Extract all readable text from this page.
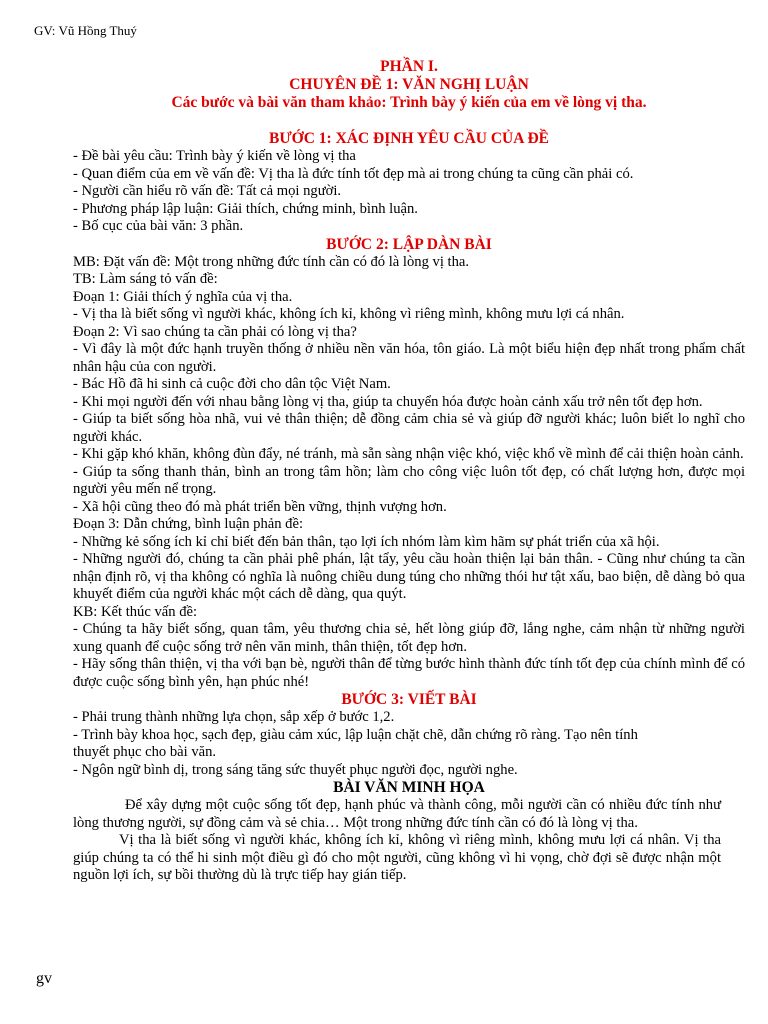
GV: Vũ Hồng Thuý
PHẦN I.
CHUYÊN ĐỀ 1: VĂN NGHỊ LUẬN
Các bước và bài văn tham khảo: Trình bày ý kiến của em về lòng vị tha.
BƯỚC 1: XÁC ĐỊNH YÊU CẦU CỦA ĐỀ

- Đề bài yêu cầu: Trình bày ý kiến về lòng vị tha

- Quan điểm của em về vấn đề: Vị tha là đức tính tốt đẹp mà ai trong chúng ta cũng cần phải có.

- Người cần hiểu rõ vấn đề: Tất cả mọi người.

- Phương pháp lập luận: Giải thích, chứng minh, bình luận.

- Bố cục của bài văn: 3 phần.

BƯỚC 2: LẬP DÀN BÀI

MB: Đặt vấn đề: Một trong những đức tính cần có đó là lòng vị tha.

TB: Làm sáng tỏ vấn đề:

Đoạn 1: Giải thích ý nghĩa của vị tha.

- Vị tha là biết sống vì người khác, không ích kỉ, không vì riêng mình, không mưu lợi cá nhân.

Đoạn 2: Vì sao chúng ta cần phải có lòng vị tha?

- Vì đây là một đức hạnh truyền thống ở nhiều nền văn hóa, tôn giáo. Là một biểu hiện đẹp nhất trong phẩm chất nhân hậu của con người.

- Bác Hồ đã hi sinh cả cuộc đời cho dân tộc Việt Nam.

- Khi mọi người đến với nhau bằng lòng vị tha, giúp ta chuyển hóa được hoàn cảnh xấu trở nên tốt đẹp hơn.

- Giúp ta biết sống hòa nhã, vui vẻ thân thiện; dễ đồng cảm chia sẻ và giúp đỡ người khác; luôn biết lo nghĩ cho người khác.

- Khi gặp khó khăn, không đùn đẩy, né tránh, mà sẵn sàng nhận việc khó, việc khổ về mình để cải thiện hoàn cảnh.

- Giúp ta sống thanh thản, bình an trong tâm hồn; làm cho công việc luôn tốt đẹp, có chất lượng hơn, được mọi người yêu mến nể trọng.

- Xã hội cũng theo đó mà phát triển bền vững, thịnh vượng hơn.

Đoạn 3: Dẫn chứng, bình luận phản đề:

- Những kẻ sống ích kỉ chỉ biết đến bản thân, tạo lợi ích nhóm làm kìm hãm sự phát triển của xã hội.

- Những người đó, chúng ta cần phải phê phán, lật tẩy, yêu cầu hoàn thiện lại bản thân. - Cũng như chúng ta cần nhận định rõ, vị tha không có nghĩa là nuông chiều dung túng cho những thói hư tật xấu, bao biện, dễ dàng bỏ qua khuyết điểm của người khác một cách dễ dàng, qua quýt.

KB: Kết thúc vấn đề:

- Chúng ta hãy biết sống, quan tâm, yêu thương chia sẻ, hết lòng giúp đỡ, lắng nghe, cảm nhận từ những người xung quanh để cuộc sống trở nên văn minh, thân thiện, tốt đẹp hơn.

- Hãy sống thân thiện, vị tha với bạn bè, người thân để từng bước hình thành đức tính tốt đẹp của chính mình để có được cuộc sống bình yên, hạn phúc nhé!

BƯỚC 3: VIẾT BÀI

- Phải trung thành những lựa chọn, sắp xếp ở bước 1,2.

- Trình bày khoa học, sạch đẹp, giàu cảm xúc, lập luận chặt chẽ, dẫn chứng rõ ràng. Tạo nên tính thuyết phục cho bài văn.

- Ngôn ngữ bình dị, trong sáng tăng sức thuyết phục người đọc, người nghe.

BÀI VĂN MINH HỌA

Để xây dựng một cuộc sống tốt đẹp, hạnh phúc và thành công, mỗi người cần có nhiều đức tính như lòng thương người, sự đồng cảm và sẻ chia… Một trong những đức tính cần có đó là lòng vị tha.

Vị tha là biết sống vì người khác, không ích kỉ, không vì riêng mình, không mưu lợi cá nhân. Vị tha giúp chúng ta có thể hi sinh một điều gì đó cho một người, cũng không vì hi vọng, chờ đợi sẽ được nhận một nguồn lợi ích, sự bồi thường dù là trực tiếp hay gián tiếp.

gv
